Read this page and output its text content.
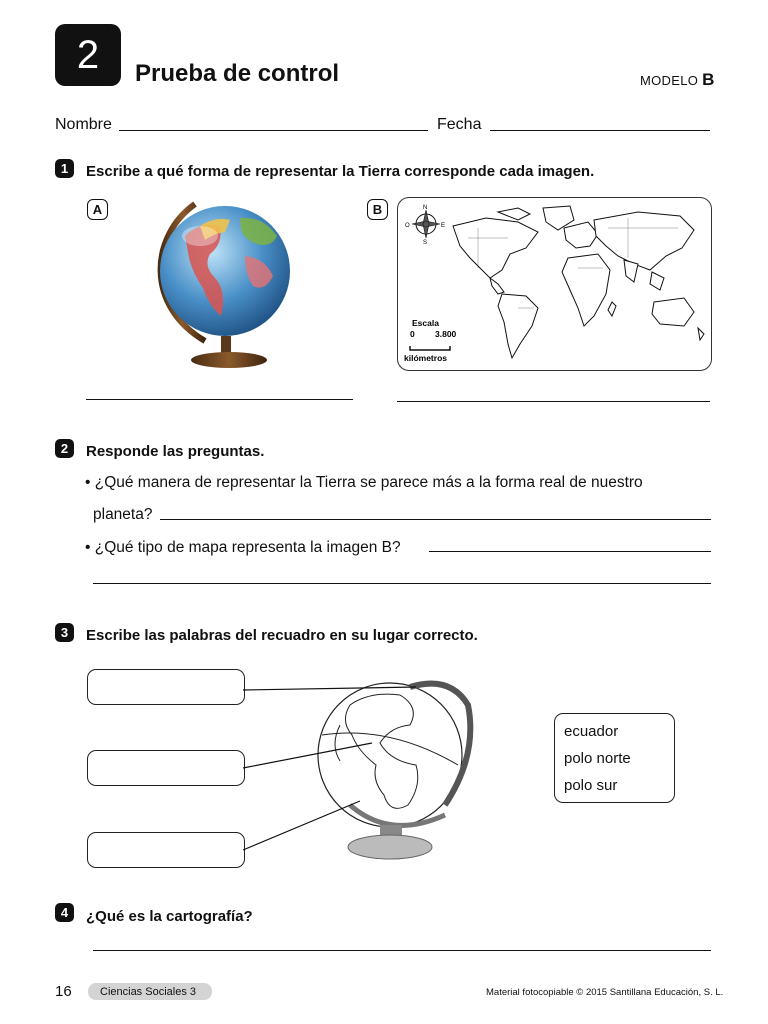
2	Prueba de control	MODELO B
Nombre	Fecha
1	Escribe a qué forma de representar la Tierra corresponde cada imagen.
A	B	N
E
O
S
Escala
0 3.800
kilómetros
2	Responde las preguntas.
• ¿Qué manera de representar la Tierra se parece más a la forma real de nuestro
planeta?
• ¿Qué tipo de mapa representa la imagen B?
3	Escribe las palabras del recuadro en su lugar correcto.
ecuador
polo norte
polo sur
4	¿Qué es la cartografía?
16	Ciencias Sociales 3	Material fotocopiable © 2015 Santillana Educación, S. L.
